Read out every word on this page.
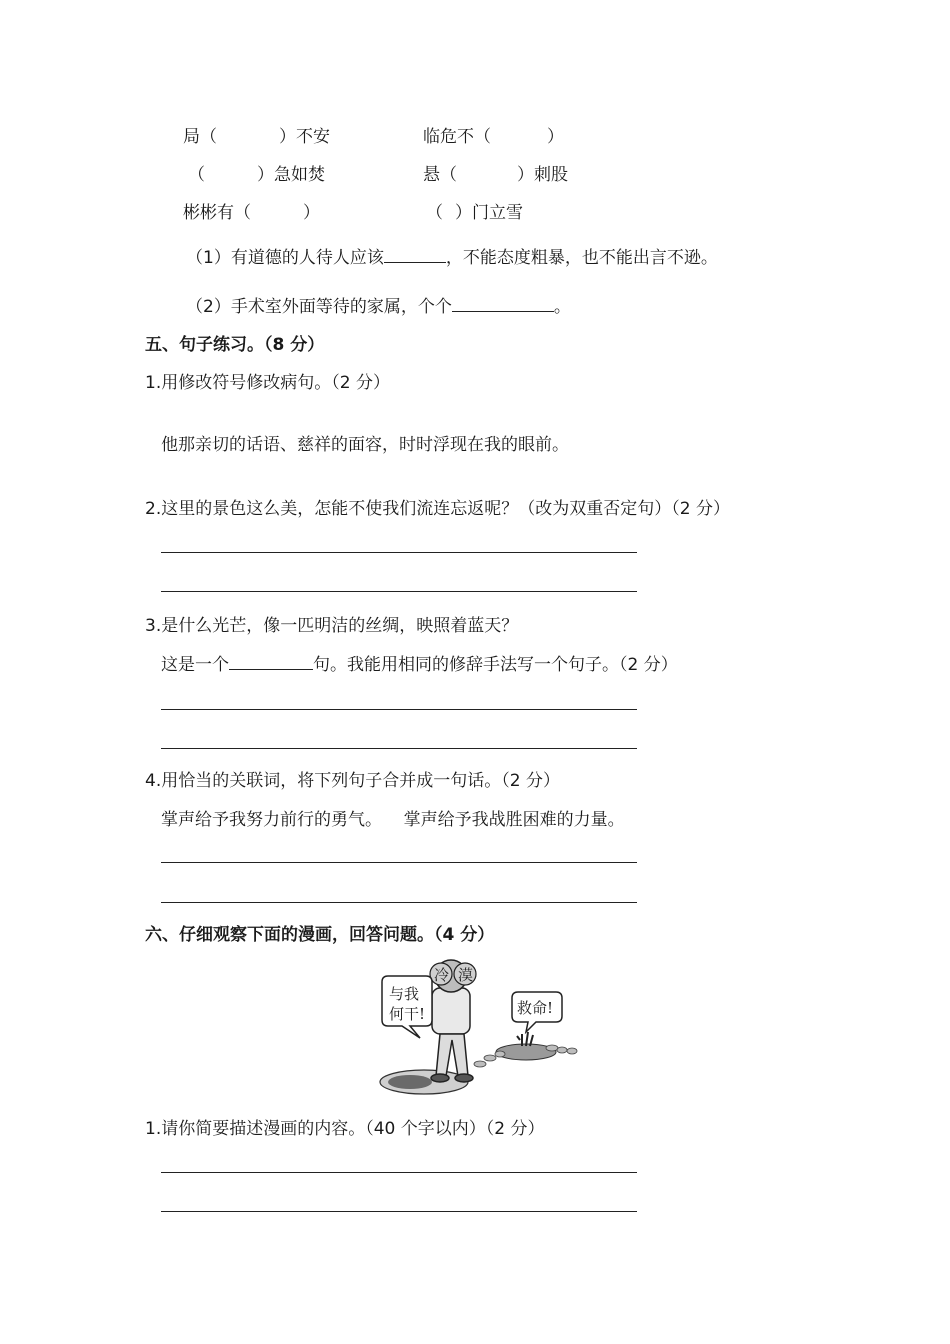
局（	）不安	临危不（	）
（	）急如焚	悬（	）刺股
彬彬有（	）	（ ）门立雪
（1）有道德的人待人应该	，不能态度粗暴，也不能出言不逊。
（2）手术室外面等待的家属，个个	。
五、句子练习。（8 分）
1.用修改符号修改病句。（2 分）
他那亲切的话语、慈祥的面容，时时浮现在我的眼前。
2.这里的景色这么美，怎能不使我们流连忘返呢？（改为双重否定句）（2 分）
3.是什么光芒，像一匹明洁的丝绸，映照着蓝天？
这是一个	句。我能用相同的修辞手法写一个句子。（2 分）
4.用恰当的关联词，将下列句子合并成一句话。（2 分）
掌声给予我努力前行的勇气。    掌声给予我战胜困难的力量。
六、仔细观察下面的漫画，回答问题。（4 分）
冷 漠
与我
何干!	救命!
1.请你简要描述漫画的内容。（40 个字以内）（2 分）
